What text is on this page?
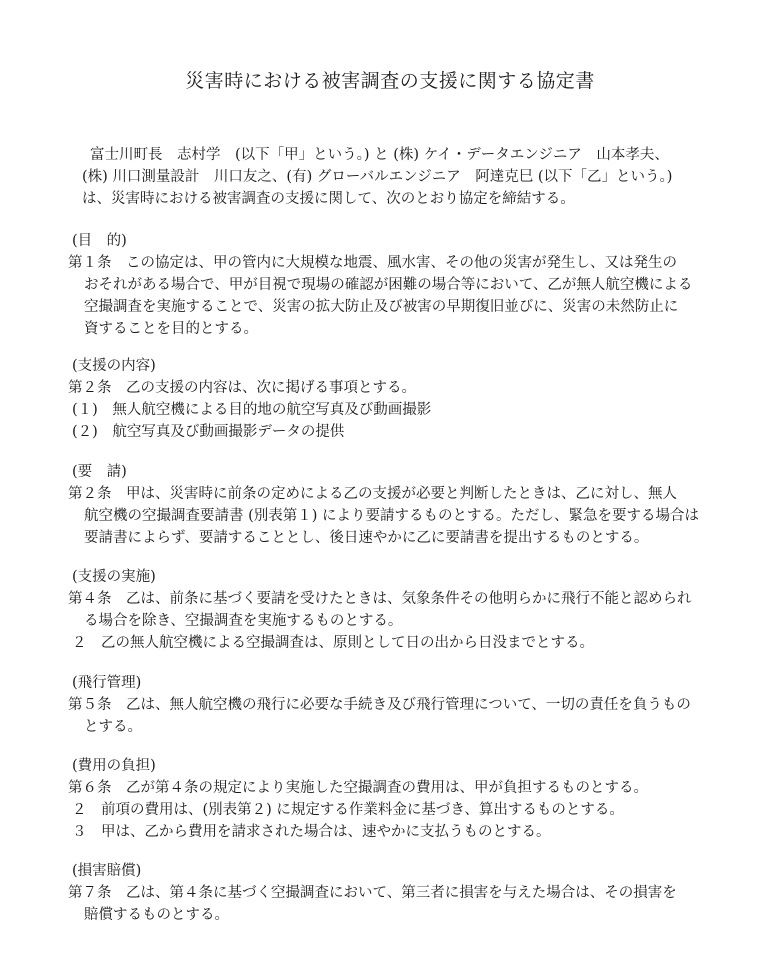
災害時における被害調査の支援に関する協定書
富士川町長　志村学　(以下「甲」という。) と (株) ケイ・データエンジニア　山本孝夫、
(株) 川口測量設計　川口友之、(有) グローバルエンジニア　阿達克巳 (以下「乙」という。)
は、災害時における被害調査の支援に関して、次のとおり協定を締結する。
(目　的)
第１条　この協定は、甲の管内に大規模な地震、風水害、その他の災害が発生し、又は発生の
おそれがある場合で、甲が目視で現場の確認が困難の場合等において、乙が無人航空機による
空撮調査を実施することで、災害の拡大防止及び被害の早期復旧並びに、災害の未然防止に
資することを目的とする。
(支援の内容)
第２条　乙の支援の内容は、次に掲げる事項とする。
(１)　無人航空機による目的地の航空写真及び動画撮影
(２)　航空写真及び動画撮影データの提供
(要　請)
第２条　甲は、災害時に前条の定めによる乙の支援が必要と判断したときは、乙に対し、無人
航空機の空撮調査要請書 (別表第１) により要請するものとする。ただし、緊急を要する場合は
要請書によらず、要請することとし、後日速やかに乙に要請書を提出するものとする。
(支援の実施)
第４条　乙は、前条に基づく要請を受けたときは、気象条件その他明らかに飛行不能と認められ
る場合を除き、空撮調査を実施するものとする。
２　乙の無人航空機による空撮調査は、原則として日の出から日没までとする。
(飛行管理)
第５条　乙は、無人航空機の飛行に必要な手続き及び飛行管理について、一切の責任を負うもの
とする。
(費用の負担)
第６条　乙が第４条の規定により実施した空撮調査の費用は、甲が負担するものとする。
２　前項の費用は、(別表第２) に規定する作業料金に基づき、算出するものとする。
３　甲は、乙から費用を請求された場合は、速やかに支払うものとする。
(損害賠償)
第７条　乙は、第４条に基づく空撮調査において、第三者に損害を与えた場合は、その損害を
賠償するものとする。
